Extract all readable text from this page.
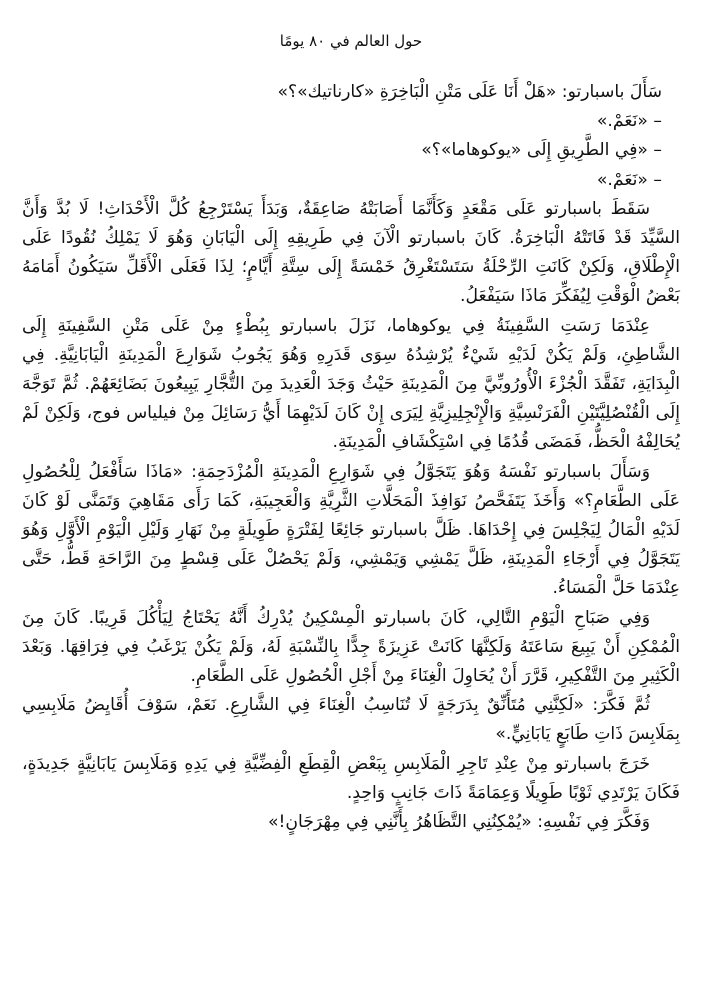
حول العالم في ٨٠ يومًا

سَأَلَ باسبارتو: «هَلْ أَنَا عَلَى مَتْنِ الْبَاخِرَةِ «كارناتيك»؟»

– «نَعَمْ.»

– «فِي الطَّرِيقِ إِلَى «يوكوهاما»؟»

– «نَعَمْ.»

سَقَطَ باسبارتو عَلَى مَقْعَدٍ وَكَأَنَّمَا أَصَابَتْهُ صَاعِقَةٌ، وَبَدَأَ يَسْتَرْجِعُ كُلَّ الْأَحْدَاثِ! لَا بُدَّ وَأَنَّ السَّيِّدَ قَدْ فَاتَتْهُ الْبَاخِرَةُ. كَانَ باسبارتو الْآنَ فِي طَرِيقِهِ إِلَى الْيَابَانِ وَهُوَ لَا يَمْلِكُ نُقُودًا عَلَى الْإِطْلَاقِ، وَلَكِنْ كَانَتِ الرِّحْلَةُ سَتَسْتَغْرِقُ خَمْسَةً إِلَى سِتَّةِ أَيَّامٍ؛ لِذَا فَعَلَى الْأَقَلِّ سَيَكُونُ أَمَامَهُ بَعْضُ الْوَقْتِ لِيُفَكِّرَ مَاذَا سَيَفْعَلُ.

عِنْدَمَا رَسَتِ السَّفِينَةُ فِي يوكوهاما، نَزَلَ باسبارتو بِبُطْءٍ مِنْ عَلَى مَتْنِ السَّفِينَةِ إِلَى الشَّاطِئِ، وَلَمْ يَكُنْ لَدَيْهِ شَيْءٌ يُرْشِدُهُ سِوَى قَدَرِهِ وَهُوَ يَجُوبُ شَوَارِعَ الْمَدِينَةِ الْيَابَانِيَّةِ. فِي الْبِدَايَةِ، تَفَقَّدَ الْجُزْءَ الْأُورُوبِّيَّ مِنَ الْمَدِينَةِ حَيْثُ وَجَدَ الْعَدِيدَ مِنَ التُّجَّارِ يَبِيعُونَ بَضَائِعَهُمْ. ثُمَّ تَوَجَّهَ إِلَى الْقُنْصُلِيَّتَيْنِ الْفَرَنْسِيَّةِ وَالْإِنْجِلِيزِيَّةِ لِيَرَى إِنْ كَانَ لَدَيْهِمَا أَيُّ رَسَائِلَ مِنْ فيلياس فوج، وَلَكِنْ لَمْ يُحَالِفْهُ الْحَظُّ، فَمَضَى قُدُمًا فِي اسْتِكْشَافِ الْمَدِينَةِ.

وَسَأَلَ باسبارتو نَفْسَهُ وَهُوَ يَتَجَوَّلُ فِي شَوَارِعِ الْمَدِينَةِ الْمُزْدَحِمَةِ: «مَاذَا سَأَفْعَلُ لِلْحُصُولِ عَلَى الطَّعَامِ؟» وَأَخَذَ يَتَفَحَّصُ نَوَافِذَ الْمَحَلَّاتِ الثَّرِيَّةِ وَالْعَجِيبَةِ، كَمَا رَأَى مَقَاهِيَ وَتَمَنَّى لَوْ كَانَ لَدَيْهِ الْمَالُ لِيَجْلِسَ فِي إِحْدَاهَا. ظَلَّ باسبارتو جَائِعًا لِفَتْرَةٍ طَوِيلَةٍ مِنْ نَهَارِ وَلَيْلِ الْيَوْمِ الْأَوَّلِ وَهُوَ يَتَجَوَّلُ فِي أَرْجَاءِ الْمَدِينَةِ، ظَلَّ يَمْشِي وَيَمْشِي، وَلَمْ يَحْصُلْ عَلَى قِسْطٍ مِنَ الرَّاحَةِ قَطُّ، حَتَّى عِنْدَمَا حَلَّ الْمَسَاءُ.

وَفِي صَبَاحِ الْيَوْمِ التَّالِي، كَانَ باسبارتو الْمِسْكِينُ يُدْرِكُ أَنَّهُ يَحْتَاجُ لِيَأْكُلَ قَرِيبًا. كَانَ مِنَ الْمُمْكِنِ أَنْ يَبِيعَ سَاعَتَهُ وَلَكِنَّهَا كَانَتْ عَزِيزَةً جِدًّا بِالنِّسْبَةِ لَهُ، وَلَمْ يَكُنْ يَرْغَبُ فِي فِرَاقِهَا. وَبَعْدَ الْكَثِيرِ مِنَ التَّفْكِيرِ، قَرَّرَ أَنْ يُحَاوِلَ الْغِنَاءَ مِنْ أَجْلِ الْحُصُولِ عَلَى الطَّعَامِ.

ثُمَّ فَكَّرَ: «لَكِنَّنِي مُتَأَنِّقٌ بِدَرَجَةٍ لَا تُنَاسِبُ الْغِنَاءَ فِي الشَّارِعِ. نَعَمْ، سَوْفَ أُقَايِضُ مَلَابِسِي بِمَلَابِسَ ذَاتِ طَابَعٍ يَابَانِيٍّ.»

خَرَجَ باسبارتو مِنْ عِنْدِ تَاجِرِ الْمَلَابِسِ بِبَعْضِ الْقِطَعِ الْفِضِّيَّةِ فِي يَدِهِ وَمَلَابِسَ يَابَانِيَّةٍ جَدِيدَةٍ، فَكَانَ يَرْتَدِي ثَوْبًا طَوِيلًا وَعِمَامَةً ذَاتَ جَانِبٍ وَاحِدٍ.

وَفَكَّرَ فِي نَفْسِهِ: «يُمْكِنُنِي التَّظَاهُرُ بِأَنَّنِي فِي مِهْرَجَانٍ!»
